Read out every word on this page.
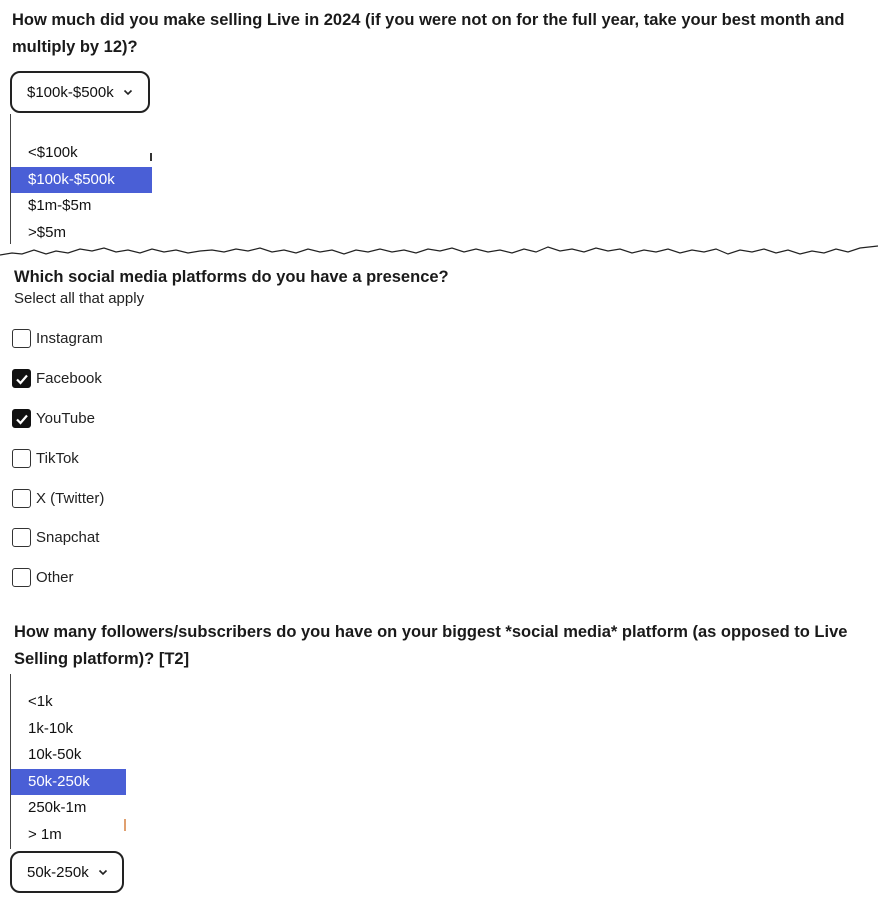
How much did you make selling Live in 2024 (if you were not on for the full year, take your best month and multiply by 12)?

$100k-$500k
<$100k
$100k-$500k
$1m-$5m
>$5m

Which social media platforms do you have a presence?

Select all that apply
Instagram
Facebook
YouTube
TikTok
X (Twitter)
Snapchat
Other

How many followers/subscribers do you have on your biggest *social media* platform (as opposed to Live Selling platform)? [T2]

<1k
1k-10k
10k-50k
50k-250k
250k-1m
> 1m
50k-250k
